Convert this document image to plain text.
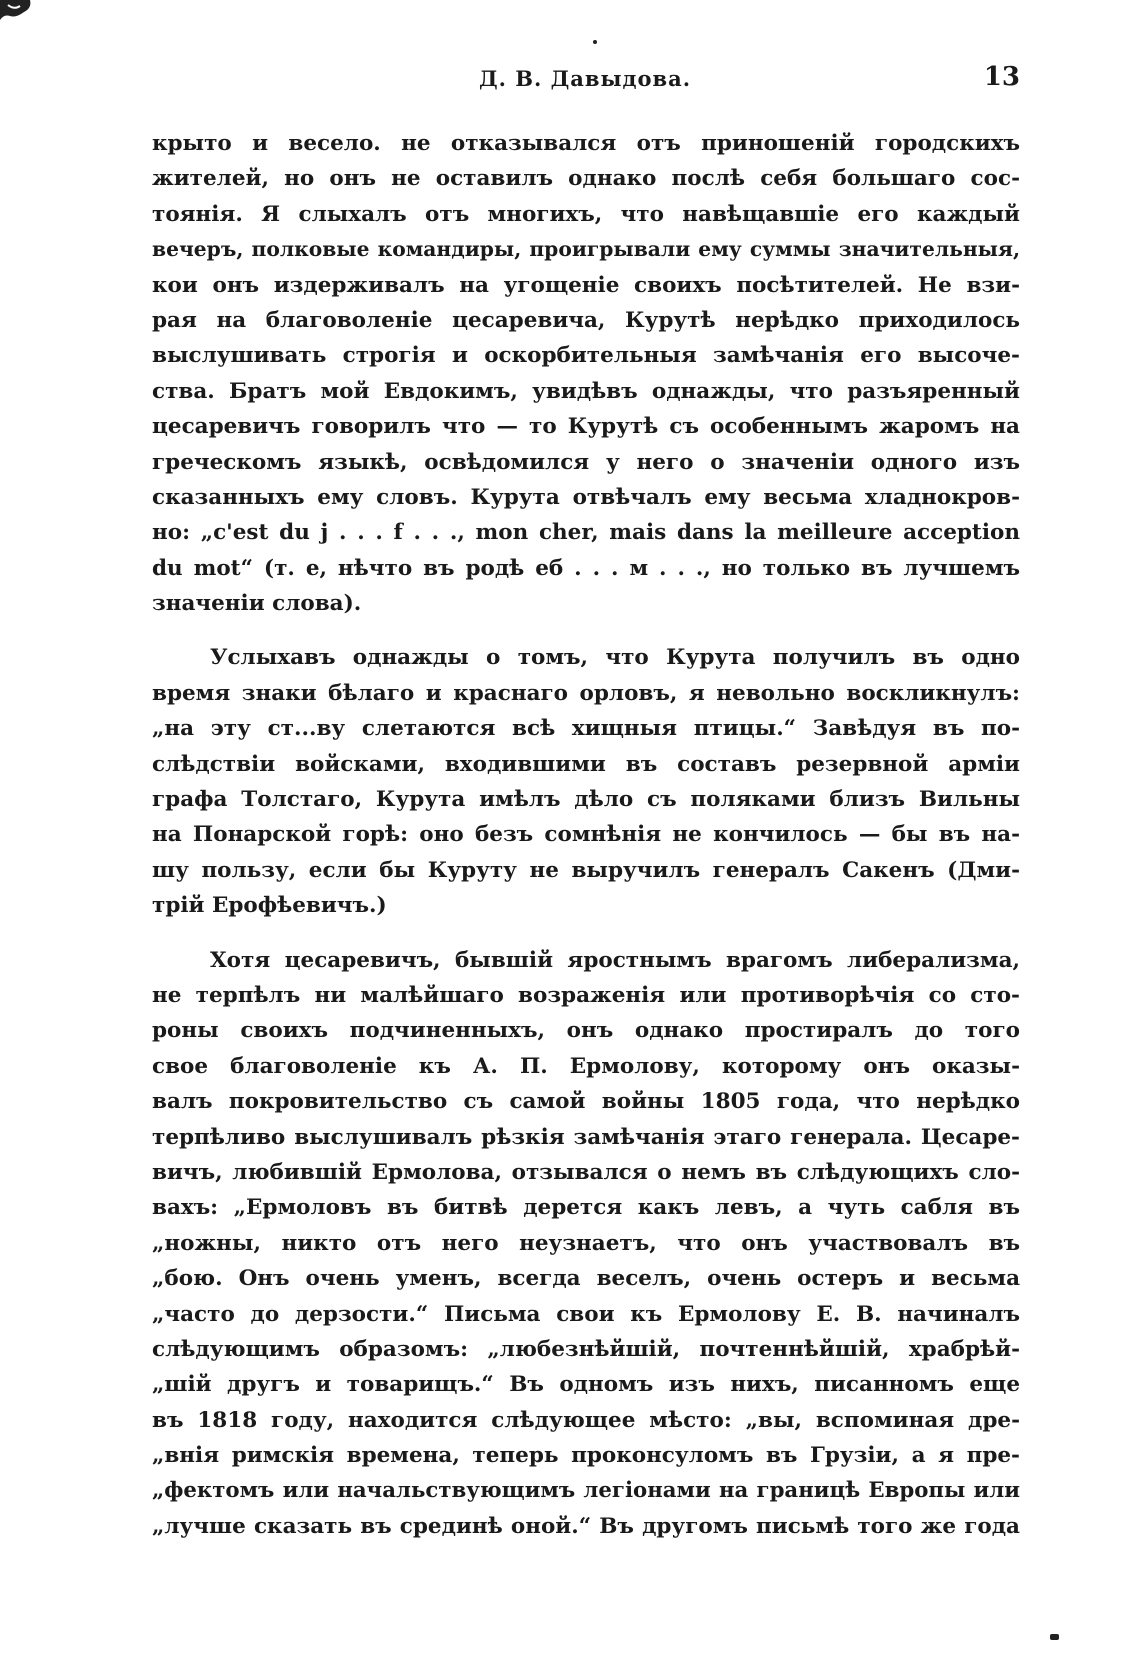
Д. В. Давыдова.	13
крыто и весело. не отказывался отъ приношеній городскихъ
жителей, но онъ не оставилъ однако послѣ себя большаго сос-
тоянія. Я слыхалъ отъ многихъ, что навѣщавшіе его каждый
вечеръ, полковые командиры, проигрывали ему суммы значительныя,
кои онъ издерживалъ на угощеніе своихъ посѣтителей. Не взи-
рая на благоволеніе цесаревича, Курутѣ нерѣдко приходилось
выслушивать строгія и оскорбительныя замѣчанія его высоче-
ства. Братъ мой Евдокимъ, увидѣвъ однажды, что разъяренный
цесаревичъ говорилъ что — то Курутѣ съ особеннымъ жаромъ на
греческомъ языкѣ, освѣдомился у него о значеніи одного изъ
сказанныхъ ему словъ. Курута отвѣчалъ ему весьма хладнокров-
но: „c'est du j . . . f . . ., mon cher, mais dans la meilleure acception
du mot“ (т. е, нѣчто въ родѣ еб . . . м . . ., но только въ лучшемъ
значеніи слова).
Услыхавъ однажды о томъ, что Курута получилъ въ одно
время знаки бѣлаго и краснаго орловъ, я невольно воскликнулъ:
„на эту ст...ву слетаются всѣ хищныя птицы.“ Завѣдуя въ по-
слѣдствіи войсками, входившими въ составъ резервной арміи
графа Толстаго, Курута имѣлъ дѣло съ поляками близъ Вильны
на Понарской горѣ: оно безъ сомнѣнія не кончилось — бы въ на-
шу пользу, если бы Куруту не выручилъ генералъ Сакенъ (Дми-
трій Ерофѣевичъ.)
Хотя цесаревичъ, бывшій яростнымъ врагомъ либерализма,
не терпѣлъ ни малѣйшаго возраженія или противорѣчія со сто-
роны своихъ подчиненныхъ, онъ однако простиралъ до того
свое благоволеніе къ А. П. Ермолову, которому онъ оказы-
валъ покровительство съ самой войны 1805 года, что нерѣдко
терпѣливо выслушивалъ рѣзкія замѣчанія этаго генерала. Цесаре-
вичъ, любившій Ермолова, отзывался о немъ въ слѣдующихъ сло-
вахъ: „Ермоловъ въ битвѣ дерется какъ левъ, а чуть сабля въ
„ножны, никто отъ него неузнаетъ, что онъ участвовалъ въ
„бою. Онъ очень уменъ, всегда веселъ, очень остеръ и весьма
„часто до дерзости.“ Письма свои къ Ермолову Е. В. начиналъ
слѣдующимъ образомъ: „любезнѣйшій, почтеннѣйшій, храбрѣй-
„шій другъ и товарищъ.“ Въ одномъ изъ нихъ, писанномъ еще
въ 1818 году, находится слѣдующее мѣсто: „вы, вспоминая дре-
„внія римскія времена, теперь проконсуломъ въ Грузіи, а я пре-
„фектомъ или начальствующимъ легіонами на границѣ Европы или
„лучше сказать въ срединѣ оной.“ Въ другомъ письмѣ того же года
